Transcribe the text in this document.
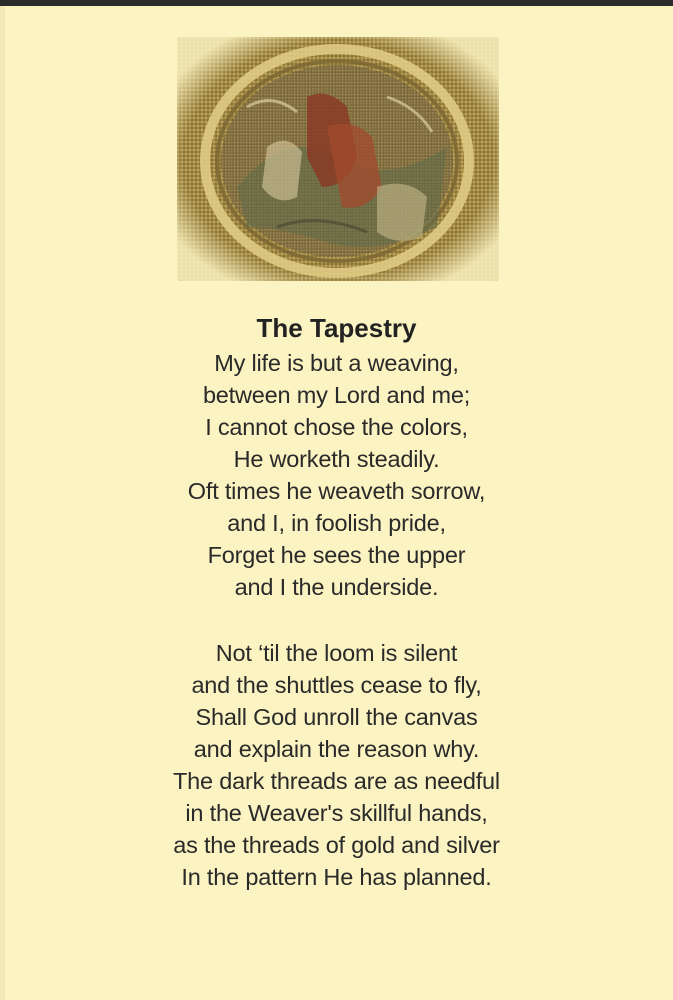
The Tapestry
My life is but a weaving,
between my Lord and me;
I cannot chose the colors,
He worketh steadily.
Oft times he weaveth sorrow,
and I, in foolish pride,
Forget he sees the upper
and I the underside.
Not ‘til the loom is silent
and the shuttles cease to fly,
Shall God unroll the canvas
and explain the reason why.
The dark threads are as needful
in the Weaver's skillful hands,
as the threads of gold and silver
In the pattern He has planned.
